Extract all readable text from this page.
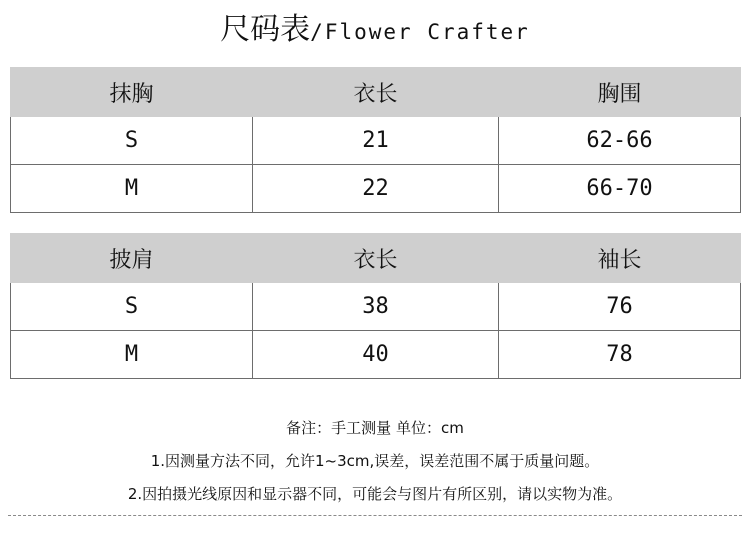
尺码表/Flower Crafter
抹胸	衣长	胸围
S	21	62-66
M	22	66-70
披肩	衣长	袖长
S	38	76
M	40	78
备注：手工测量 单位：cm
1.因测量方法不同，允许1~3cm,误差，误差范围不属于质量问题。
2.因拍摄光线原因和显示器不同，可能会与图片有所区别，请以实物为准。
